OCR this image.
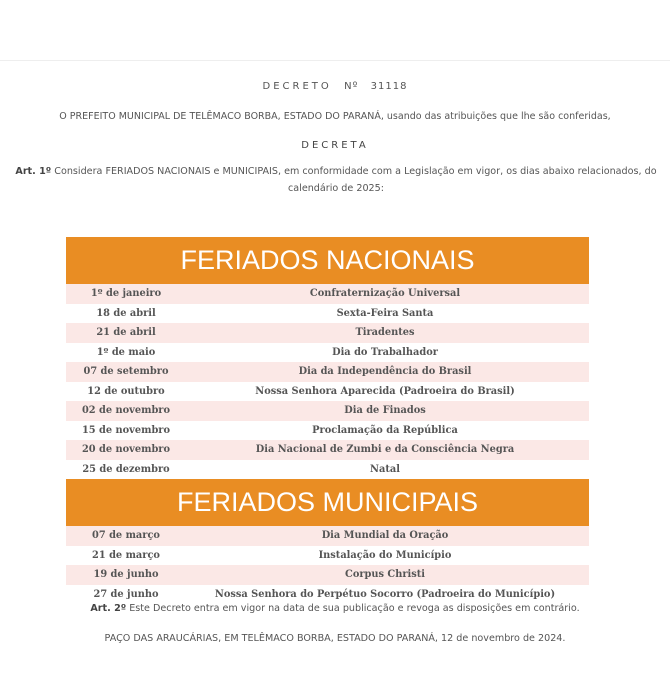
DECRETO Nº 31118
O PREFEITO MUNICIPAL DE TELÊMACO BORBA, ESTADO DO PARANÁ, usando das atribuições que lhe são conferidas,
DECRETA
Art. 1º Considera FERIADOS NACIONAIS e MUNICIPAIS, em conformidade com a Legislação em vigor, os dias abaixo relacionados, do calendário de 2025:
FERIADOS NACIONAIS
1º de janeiro	Confraternização Universal
18 de abril	Sexta-Feira Santa
21 de abril	Tiradentes
1º de maio	Dia do Trabalhador
07 de setembro	Dia da Independência do Brasil
12 de outubro	Nossa Senhora Aparecida (Padroeira do Brasil)
02 de novembro	Dia de Finados
15 de novembro	Proclamação da República
20 de novembro	Dia Nacional de Zumbi e da Consciência Negra
25 de dezembro	Natal
FERIADOS MUNICIPAIS
07 de março	Dia Mundial da Oração
21 de março	Instalação do Município
19 de junho	Corpus Christi
27 de junho	Nossa Senhora do Perpétuo Socorro (Padroeira do Município)
Art. 2º Este Decreto entra em vigor na data de sua publicação e revoga as disposições em contrário.
PAÇO DAS ARAUCÁRIAS, EM TELÊMACO BORBA, ESTADO DO PARANÁ, 12 de novembro de 2024.
